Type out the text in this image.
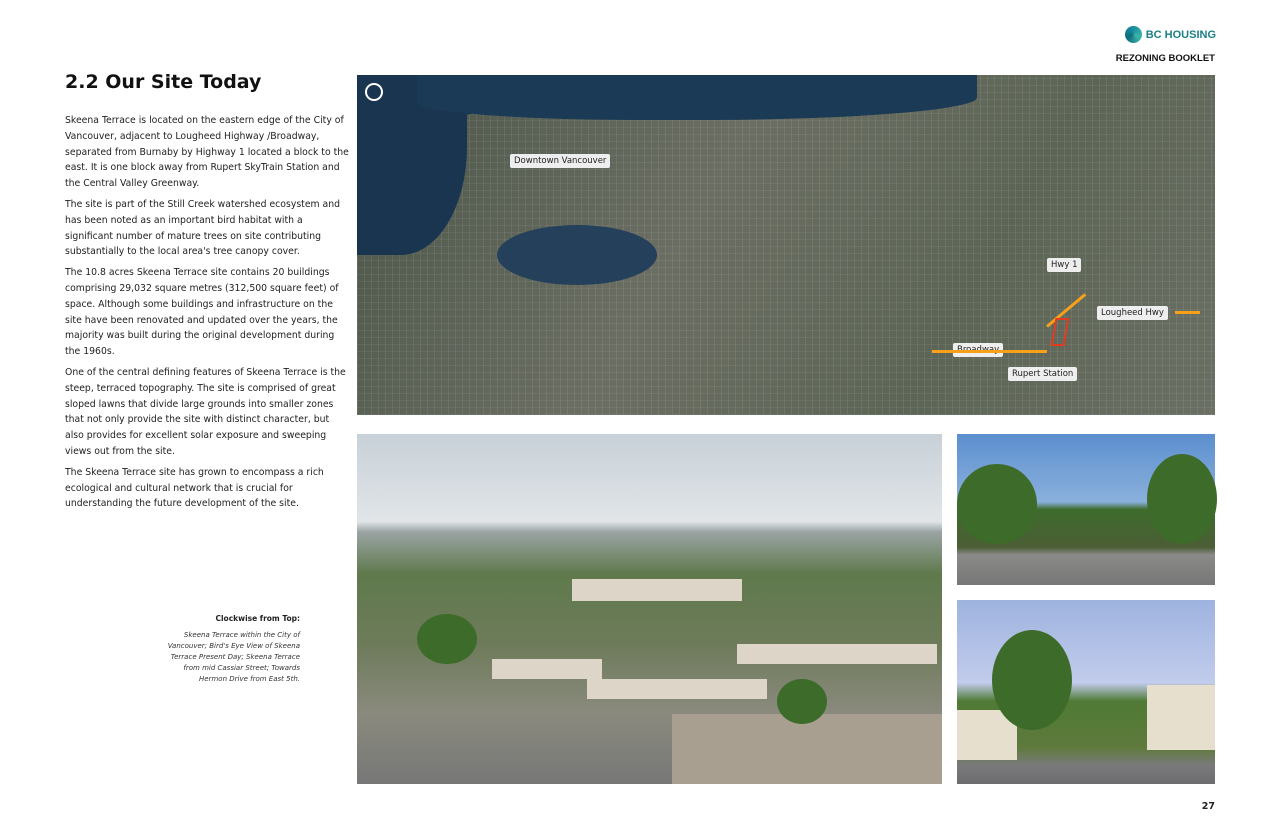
BC HOUSING
REZONING BOOKLET
2.2 Our Site Today

Skeena Terrace is located on the eastern edge of the City of Vancouver, adjacent to Lougheed Highway /Broadway, separated from Burnaby by Highway 1 located a block to the east. It is one block away from Rupert SkyTrain Station and the Central Valley Greenway.

The site is part of the Still Creek watershed ecosystem and has been noted as an important bird habitat with a significant number of mature trees on site contributing substantially to the local area's tree canopy cover.

The 10.8 acres Skeena Terrace site contains 20 buildings comprising 29,032 square metres (312,500 square feet) of space. Although some buildings and infrastructure on the site have been renovated and updated over the years, the majority was built during the original development during the 1960s.

One of the central defining features of Skeena Terrace is the steep, terraced topography. The site is comprised of great sloped lawns that divide large grounds into smaller zones that not only provide the site with distinct character, but also provides for excellent solar exposure and sweeping views out from the site.

The Skeena Terrace site has grown to encompass a rich ecological and cultural network that is crucial for understanding the future development of the site.

Clockwise from Top:
Skeena Terrace within the City of Vancouver; Bird's Eye View of Skeena Terrace Present Day; Skeena Terrace from mid Cassiar Street; Towards Hermon Drive from East 5th.
Downtown Vancouver
Hwy 1
Lougheed Hwy
Rupert Station
27
